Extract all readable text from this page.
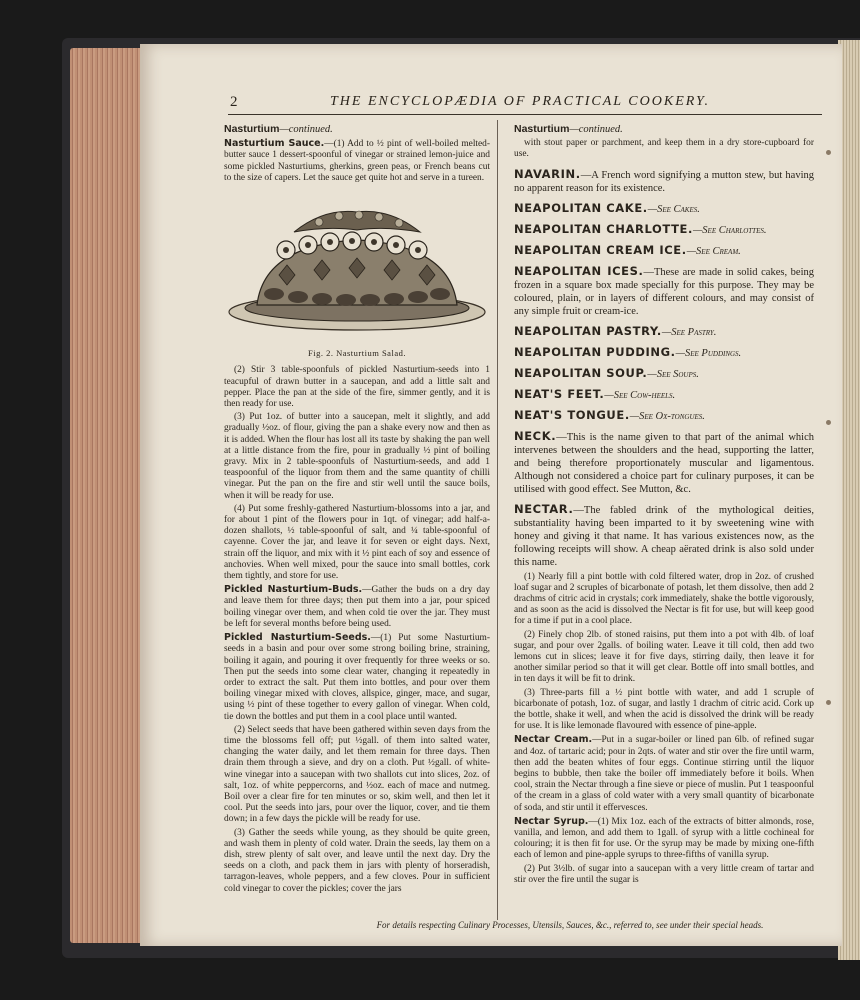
2	THE ENCYCLOPÆDIA OF PRACTICAL COOKERY.
Nasturtium—continued.

Nasturtium Sauce.—(1) Add to ½ pint of well-boiled melted-butter sauce 1 dessert-spoonful of vinegar or strained lemon-juice and some pickled Nasturtiums, gherkins, green peas, or French beans cut to the size of capers. Let the sauce get quite hot and serve in a tureen.

Fig. 2. Nasturtium Salad.

(2) Stir 3 table-spoonfuls of pickled Nasturtium-seeds into 1 teacupful of drawn butter in a saucepan, and add a little salt and pepper. Place the pan at the side of the fire, simmer gently, and it is then ready for use.

(3) Put 1oz. of butter into a saucepan, melt it slightly, and add gradually ½oz. of flour, giving the pan a shake every now and then as it is added. When the flour has lost all its taste by shaking the pan well at a little distance from the fire, pour in gradually ½ pint of boiling gravy. Mix in 2 table-spoonfuls of Nasturtium-seeds, and add 1 teaspoonful of the liquor from them and the same quantity of chilli vinegar. Put the pan on the fire and stir well until the sauce boils, when it will be ready for use.

(4) Put some freshly-gathered Nasturtium-blossoms into a jar, and for about 1 pint of the flowers pour in 1qt. of vinegar; add half-a-dozen shallots, ½ table-spoonful of salt, and ¼ table-spoonful of cayenne. Cover the jar, and leave it for seven or eight days. Next, strain off the liquor, and mix with it ½ pint each of soy and essence of anchovies. When well mixed, pour the sauce into small bottles, cork them tightly, and store for use.

Pickled Nasturtium-Buds.—Gather the buds on a dry day and leave them for three days; then put them into a jar, pour spiced boiling vinegar over them, and when cold tie over the jar. They must be left for several months before being used.

Pickled Nasturtium-Seeds.—(1) Put some Nasturtium-seeds in a basin and pour over some strong boiling brine, straining, boiling it again, and pouring it over frequently for three weeks or so. Then put the seeds into some clear water, changing it repeatedly in order to extract the salt. Put them into bottles, and pour over them boiling vinegar mixed with cloves, allspice, ginger, mace, and sugar, using ½ pint of these together to every gallon of vinegar. When cold, tie down the bottles and put them in a cool place until wanted.

(2) Select seeds that have been gathered within seven days from the time the blossoms fell off; put ½gall. of them into salted water, changing the water daily, and let them remain for three days. Then drain them through a sieve, and dry on a cloth. Put ½gall. of white-wine vinegar into a saucepan with two shallots cut into slices, 2oz. of salt, 1oz. of white peppercorns, and ½oz. each of mace and nutmeg. Boil over a clear fire for ten minutes or so, skim well, and then let it cool. Put the seeds into jars, pour over the liquor, cover, and tie them down; in a few days the pickle will be ready for use.

(3) Gather the seeds while young, as they should be quite green, and wash them in plenty of cold water. Drain the seeds, lay them on a dish, strew plenty of salt over, and leave until the next day. Dry the seeds on a cloth, and pack them in jars with plenty of horseradish, tarragon-leaves, whole peppers, and a few cloves. Pour in sufficient cold vinegar to cover the pickles; cover the jars

Nasturtium—continued.

with stout paper or parchment, and keep them in a dry store-cupboard for use.

NAVARIN.—A French word signifying a mutton stew, but having no apparent reason for its existence.

NEAPOLITAN CAKE.—See Cakes.

NEAPOLITAN CHARLOTTE.—See Charlottes.

NEAPOLITAN CREAM ICE.—See Cream.

NEAPOLITAN ICES.—These are made in solid cakes, being frozen in a square box made specially for this purpose. They may be coloured, plain, or in layers of different colours, and may consist of any simple fruit or cream-ice.

NEAPOLITAN PASTRY.—See Pastry.

NEAPOLITAN PUDDING.—See Puddings.

NEAPOLITAN SOUP.—See Soups.

NEAT'S FEET.—See Cow-heels.

NEAT'S TONGUE.—See Ox-tongues.

NECK.—This is the name given to that part of the animal which intervenes between the shoulders and the head, supporting the latter, and being therefore proportionately muscular and ligamentous. Although not considered a choice part for culinary purposes, it can be utilised with good effect. See Mutton, &c.

NECTAR.—The fabled drink of the mythological deities, substantiality having been imparted to it by sweetening wine with honey and giving it that name. It has various existences now, as the following receipts will show. A cheap aërated drink is also sold under this name.

(1) Nearly fill a pint bottle with cold filtered water, drop in 2oz. of crushed loaf sugar and 2 scruples of bicarbonate of potash, let them dissolve, then add 2 drachms of citric acid in crystals; cork immediately, shake the bottle vigorously, and as soon as the acid is dissolved the Nectar is fit for use, but will keep good for a time if put in a cool place.

(2) Finely chop 2lb. of stoned raisins, put them into a pot with 4lb. of loaf sugar, and pour over 2galls. of boiling water. Leave it till cold, then add two lemons cut in slices; leave it for five days, stirring daily, then leave it for another similar period so that it will get clear. Bottle off into small bottles, and in ten days it will be fit to drink.

(3) Three-parts fill a ½ pint bottle with water, and add 1 scruple of bicarbonate of potash, 1oz. of sugar, and lastly 1 drachm of citric acid. Cork up the bottle, shake it well, and when the acid is dissolved the drink will be ready for use. It is like lemonade flavoured with essence of pine-apple.

Nectar Cream.—Put in a sugar-boiler or lined pan 6lb. of refined sugar and 4oz. of tartaric acid; pour in 2qts. of water and stir over the fire until warm, then add the beaten whites of four eggs. Continue stirring until the liquor begins to bubble, then take the boiler off immediately before it boils. When cool, strain the Nectar through a fine sieve or piece of muslin. Put 1 teaspoonful of the cream in a glass of cold water with a very small quantity of bicarbonate of soda, and stir until it effervesces.

Nectar Syrup.—(1) Mix 1oz. each of the extracts of bitter almonds, rose, vanilla, and lemon, and add them to 1gall. of syrup with a little cochineal for colouring; it is then fit for use. Or the syrup may be made by mixing one-fifth each of lemon and pine-apple syrups to three-fifths of vanilla syrup.

(2) Put 3½lb. of sugar into a saucepan with a very little cream of tartar and stir over the fire until the sugar is

For details respecting Culinary Processes, Utensils, Sauces, &c., referred to, see under their special heads.
